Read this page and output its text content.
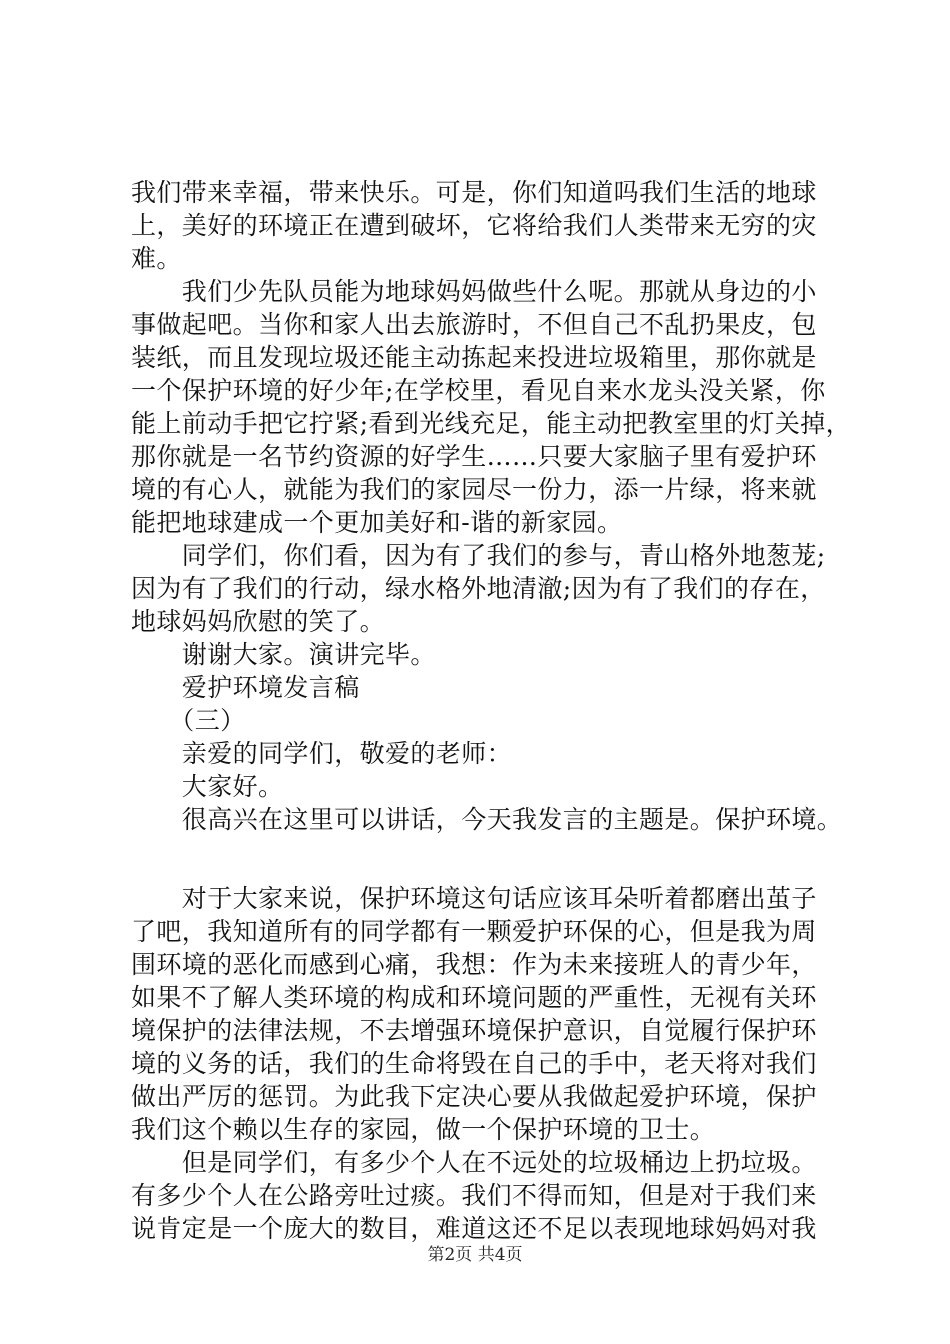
我们带来幸福，带来快乐。可是，你们知道吗我们生活的地球
上，美好的环境正在遭到破坏，它将给我们人类带来无穷的灾
难。
　　我们少先队员能为地球妈妈做些什么呢。那就从身边的小
事做起吧。当你和家人出去旅游时，不但自己不乱扔果皮，包
装纸，而且发现垃圾还能主动拣起来投进垃圾箱里，那你就是
一个保护环境的好少年;在学校里，看见自来水龙头没关紧，你
能上前动手把它拧紧;看到光线充足，能主动把教室里的灯关掉，
那你就是一名节约资源的好学生……只要大家脑子里有爱护环
境的有心人，就能为我们的家园尽一份力，添一片绿，将来就
能把地球建成一个更加美好和-谐的新家园。
　　同学们，你们看，因为有了我们的参与，青山格外地葱茏;
因为有了我们的行动，绿水格外地清澈;因为有了我们的存在，
地球妈妈欣慰的笑了。
　　谢谢大家。演讲完毕。
　　爱护环境发言稿
　　（三）
　　亲爱的同学们，敬爱的老师：
　　大家好。
　　很高兴在这里可以讲话，今天我发言的主题是。保护环境。
　　对于大家来说，保护环境这句话应该耳朵听着都磨出茧子
了吧，我知道所有的同学都有一颗爱护环保的心，但是我为周
围环境的恶化而感到心痛，我想：作为未来接班人的青少年，
如果不了解人类环境的构成和环境问题的严重性，无视有关环
境保护的法律法规，不去增强环境保护意识，自觉履行保护环
境的义务的话，我们的生命将毁在自己的手中，老天将对我们
做出严厉的惩罚。为此我下定决心要从我做起爱护环境，保护
我们这个赖以生存的家园，做一个保护环境的卫士。
　　但是同学们，有多少个人在不远处的垃圾桶边上扔垃圾。
有多少个人在公路旁吐过痰。我们不得而知，但是对于我们来
说肯定是一个庞大的数目，难道这还不足以表现地球妈妈对我
第2页 共4页
